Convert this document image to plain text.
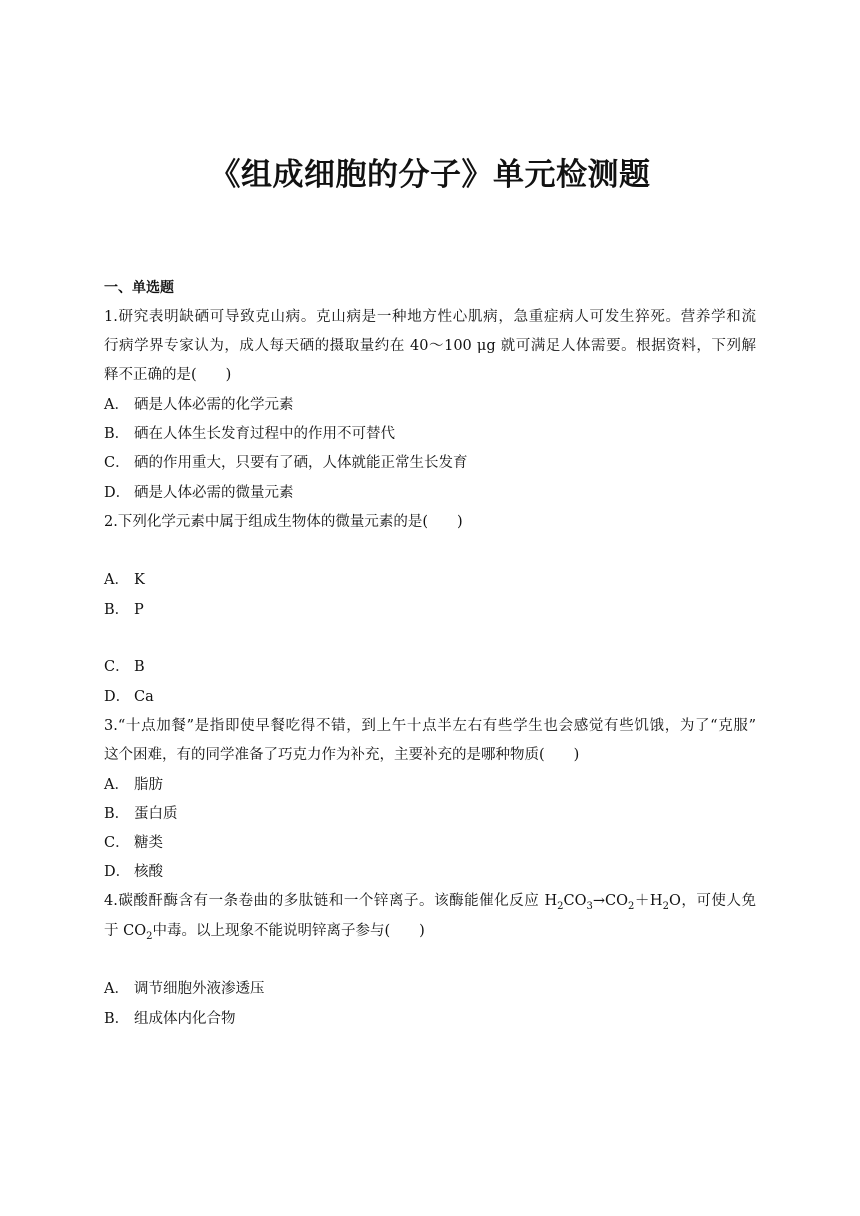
《组成细胞的分子》单元检测题
一、单选题
1.研究表明缺硒可导致克山病。克山病是一种地方性心肌病，急重症病人可发生猝死。营养学和流
行病学界专家认为，成人每天硒的摄取量约在 40～100 μg 就可满足人体需要。根据资料，下列解
释不正确的是(　　)
A． 硒是人体必需的化学元素
B． 硒在人体生长发育过程中的作用不可替代
C． 硒的作用重大，只要有了硒，人体就能正常生长发育
D． 硒是人体必需的微量元素
2.下列化学元素中属于组成生物体的微量元素的是(　　)
A． K
B． P
C． B
D． Ca
3.“十点加餐”是指即使早餐吃得不错，到上午十点半左右有些学生也会感觉有些饥饿，为了“克服”
这个困难，有的同学准备了巧克力作为补充，主要补充的是哪种物质(　　)
A． 脂肪
B． 蛋白质
C． 糖类
D． 核酸
4.碳酸酐酶含有一条卷曲的多肽链和一个锌离子。该酶能催化反应 $H_2CO_3\to CO_2+H_2O$，可使人免
于 $CO_2$中毒。以上现象不能说明锌离子参与(　　)
A． 调节细胞外液渗透压
B． 组成体内化合物
